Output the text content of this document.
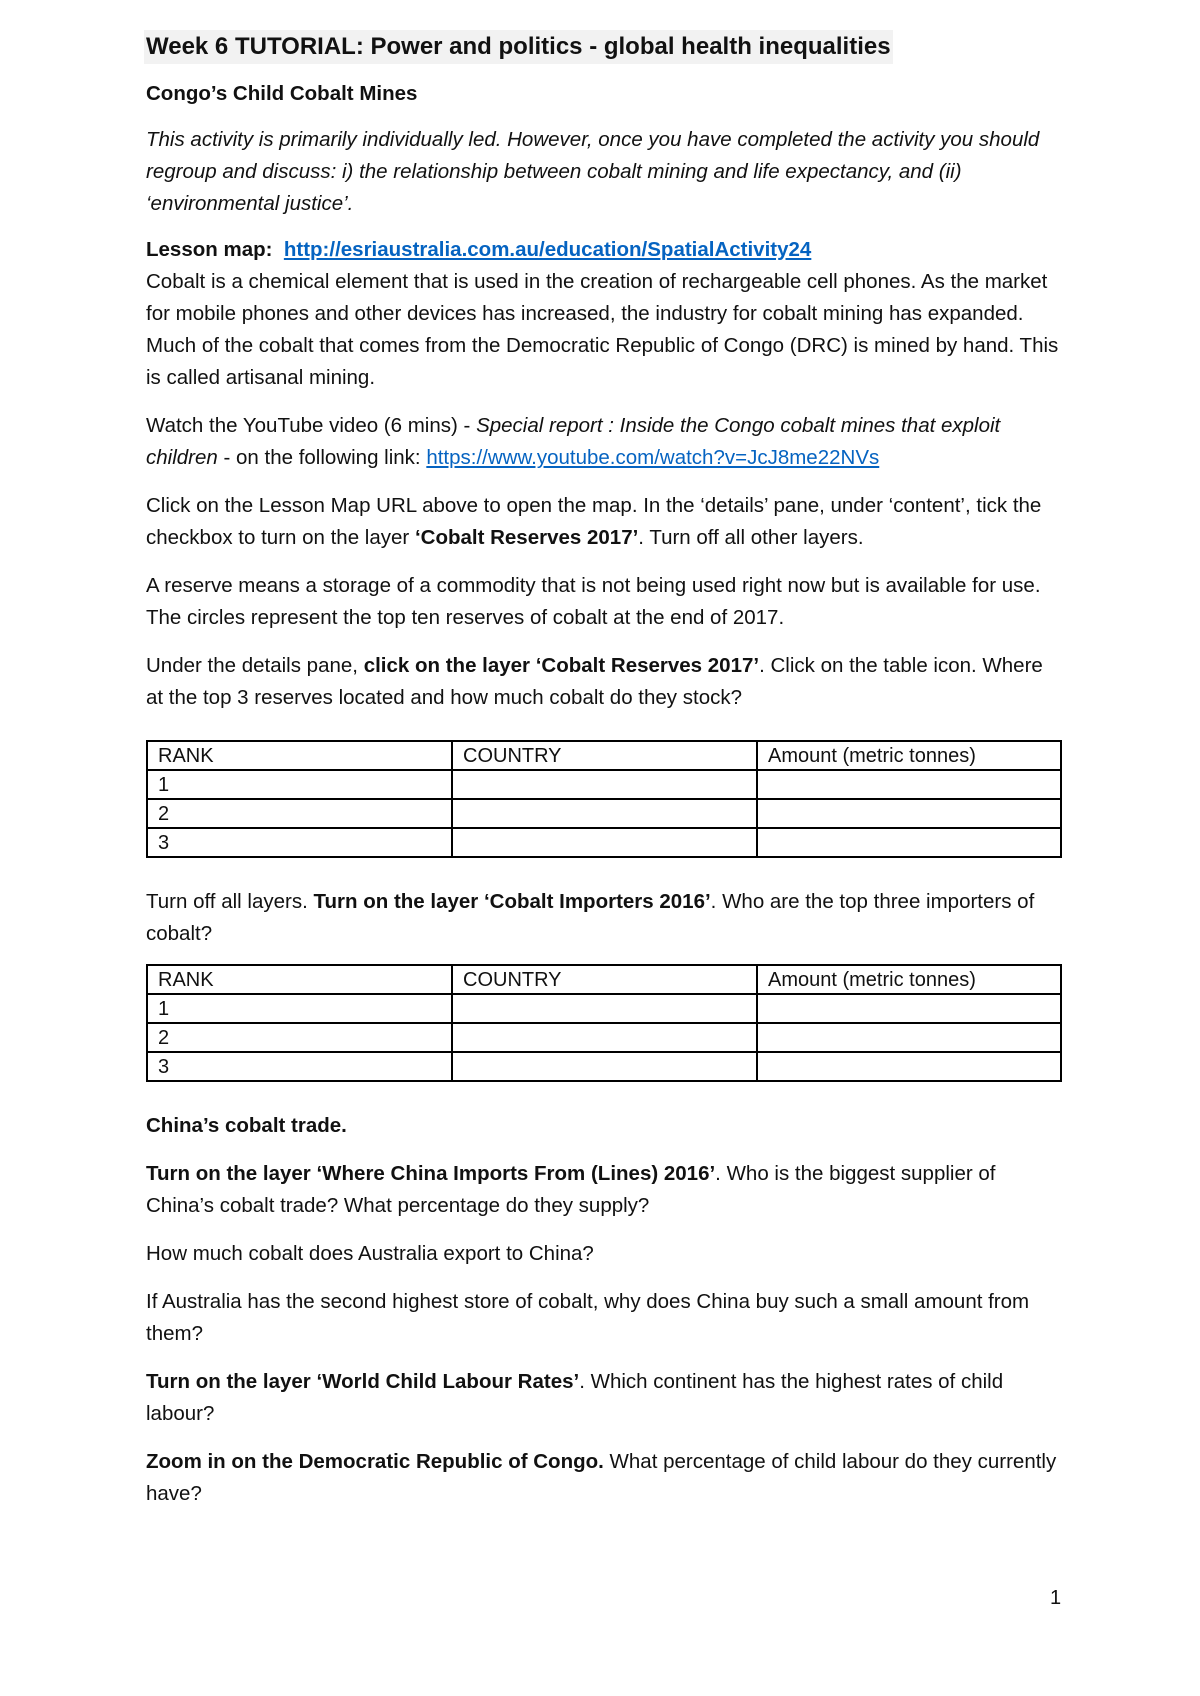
Week 6 TUTORIAL: Power and politics - global health inequalities

Congo’s Child Cobalt Mines

This activity is primarily individually led. However, once you have completed the activity you should regroup and discuss: i) the relationship between cobalt mining and life expectancy, and (ii) ‘environmental justice’.

Lesson map: http://esriaustralia.com.au/education/SpatialActivity24

Cobalt is a chemical element that is used in the creation of rechargeable cell phones. As the market for mobile phones and other devices has increased, the industry for cobalt mining has expanded. Much of the cobalt that comes from the Democratic Republic of Congo (DRC) is mined by hand. This is called artisanal mining.

Watch the YouTube video (6 mins) - Special report : Inside the Congo cobalt mines that exploit children - on the following link: https://www.youtube.com/watch?v=JcJ8me22NVs

Click on the Lesson Map URL above to open the map. In the ‘details’ pane, under ‘content’, tick the checkbox to turn on the layer ‘Cobalt Reserves 2017’. Turn off all other layers.

A reserve means a storage of a commodity that is not being used right now but is available for use. The circles represent the top ten reserves of cobalt at the end of 2017.

Under the details pane, click on the layer ‘Cobalt Reserves 2017’. Click on the table icon. Where at the top 3 reserves located and how much cobalt do they stock?

RANK	COUNTRY	Amount (metric tonnes)
1		
2		
3		

Turn off all layers. Turn on the layer ‘Cobalt Importers 2016’. Who are the top three importers of cobalt?

RANK	COUNTRY	Amount (metric tonnes)
1		
2		
3		

China’s cobalt trade.

Turn on the layer ‘Where China Imports From (Lines) 2016’. Who is the biggest supplier of China’s cobalt trade? What percentage do they supply?

How much cobalt does Australia export to China?

If Australia has the second highest store of cobalt, why does China buy such a small amount from them?

Turn on the layer ‘World Child Labour Rates’. Which continent has the highest rates of child labour?

Zoom in on the Democratic Republic of Congo. What percentage of child labour do they currently have?

1
